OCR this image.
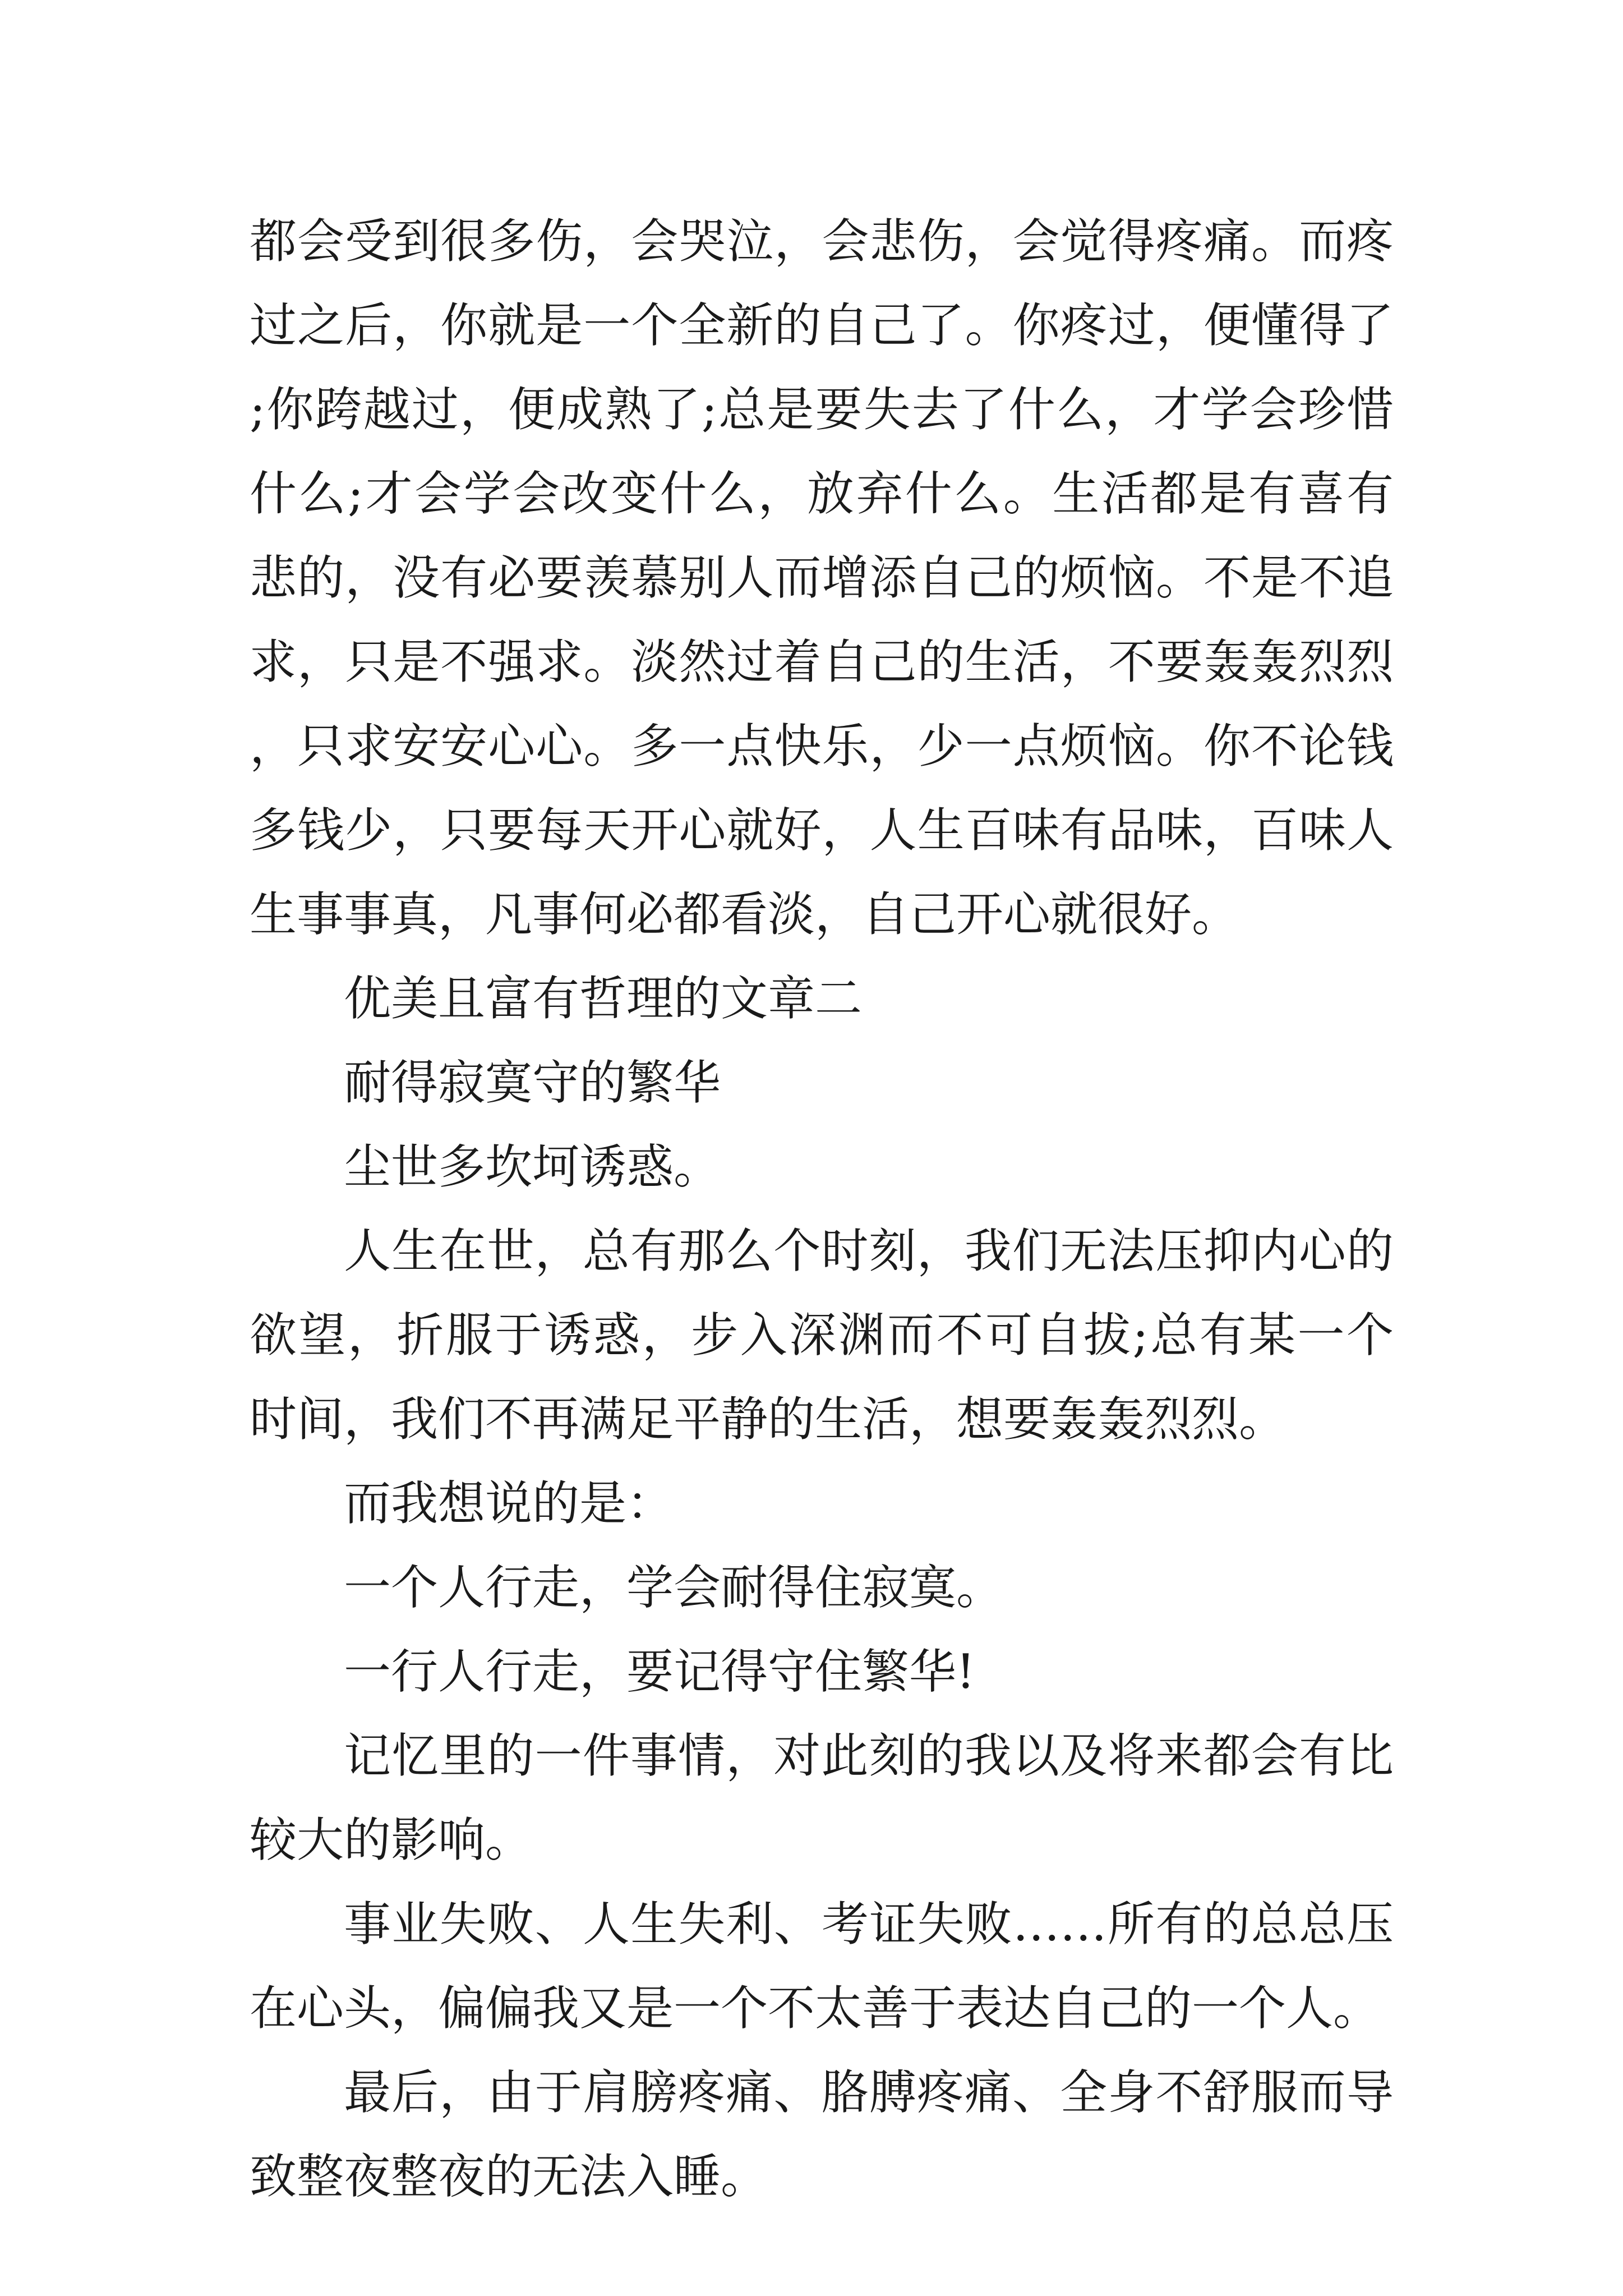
都会受到很多伤，会哭泣，会悲伤，会觉得疼痛。而疼过之后，你就是一个全新的自己了。你疼过，便懂得了;你跨越过，便成熟了;总是要失去了什么，才学会珍惜什么;才会学会改变什么，放弃什么。生活都是有喜有悲的，没有必要羡慕别人而增添自己的烦恼。不是不追求，只是不强求。淡然过着自己的生活，不要轰轰烈烈，只求安安心心。多一点快乐，少一点烦恼。你不论钱多钱少，只要每天开心就好，人生百味有品味，百味人生事事真，凡事何必都看淡，自己开心就很好。

优美且富有哲理的文章二

耐得寂寞守的繁华

尘世多坎坷诱惑。

人生在世，总有那么个时刻，我们无法压抑内心的欲望，折服于诱惑，步入深渊而不可自拔;总有某一个时间，我们不再满足平静的生活，想要轰轰烈烈。

而我想说的是：

一个人行走，学会耐得住寂寞。

一行人行走，要记得守住繁华!

记忆里的一件事情，对此刻的我以及将来都会有比较大的影响。

事业失败、人生失利、考证失败……所有的总总压在心头，偏偏我又是一个不太善于表达自己的一个人。

最后，由于肩膀疼痛、胳膊疼痛、全身不舒服而导致整夜整夜的无法入睡。
